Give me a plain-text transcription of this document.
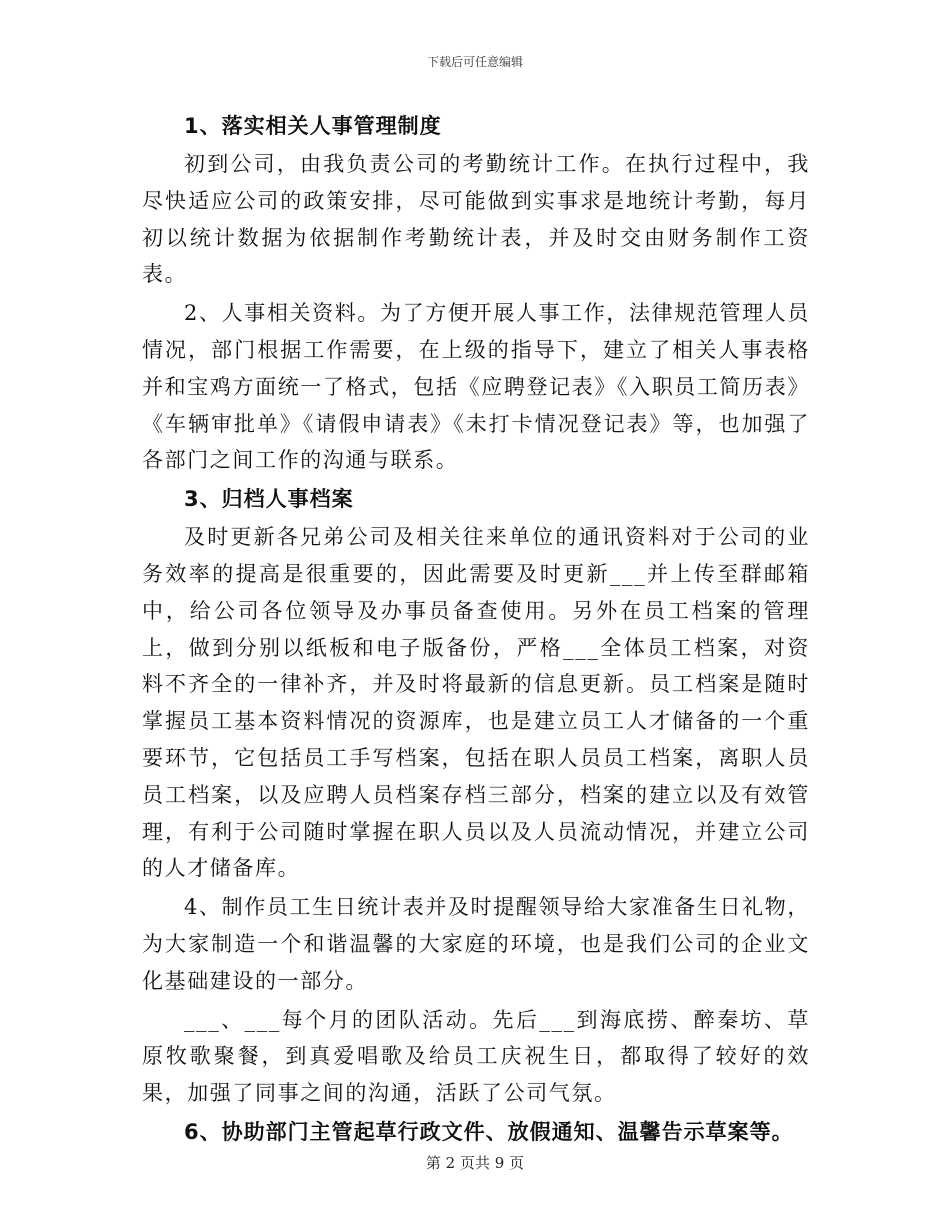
下载后可任意编辑
1、落实相关人事管理制度

初到公司，由我负责公司的考勤统计工作。在执行过程中，我尽快适应公司的政策安排，尽可能做到实事求是地统计考勤，每月初以统计数据为依据制作考勤统计表，并及时交由财务制作工资表。

2、人事相关资料。为了方便开展人事工作，法律规范管理人员情况，部门根据工作需要，在上级的指导下，建立了相关人事表格并和宝鸡方面统一了格式，包括《应聘登记表》《入职员工简历表》《车辆审批单》《请假申请表》《未打卡情况登记表》等，也加强了各部门之间工作的沟通与联系。

3、归档人事档案

及时更新各兄弟公司及相关往来单位的通讯资料对于公司的业务效率的提高是很重要的，因此需要及时更新___并上传至群邮箱中，给公司各位领导及办事员备查使用。另外在员工档案的管理上，做到分别以纸板和电子版备份，严格___全体员工档案，对资料不齐全的一律补齐，并及时将最新的信息更新。员工档案是随时掌握员工基本资料情况的资源库，也是建立员工人才储备的一个重要环节，它包括员工手写档案，包括在职人员员工档案，离职人员员工档案，以及应聘人员档案存档三部分，档案的建立以及有效管理，有利于公司随时掌握在职人员以及人员流动情况，并建立公司的人才储备库。

4、制作员工生日统计表并及时提醒领导给大家准备生日礼物，为大家制造一个和谐温馨的大家庭的环境，也是我们公司的企业文化基础建设的一部分。

___、___每个月的团队活动。先后___到海底捞、醉秦坊、草原牧歌聚餐，到真爱唱歌及给员工庆祝生日，都取得了较好的效果，加强了同事之间的沟通，活跃了公司气氛。

6、协助部门主管起草行政文件、放假通知、温馨告示草案等。
第 2 页共 9 页
